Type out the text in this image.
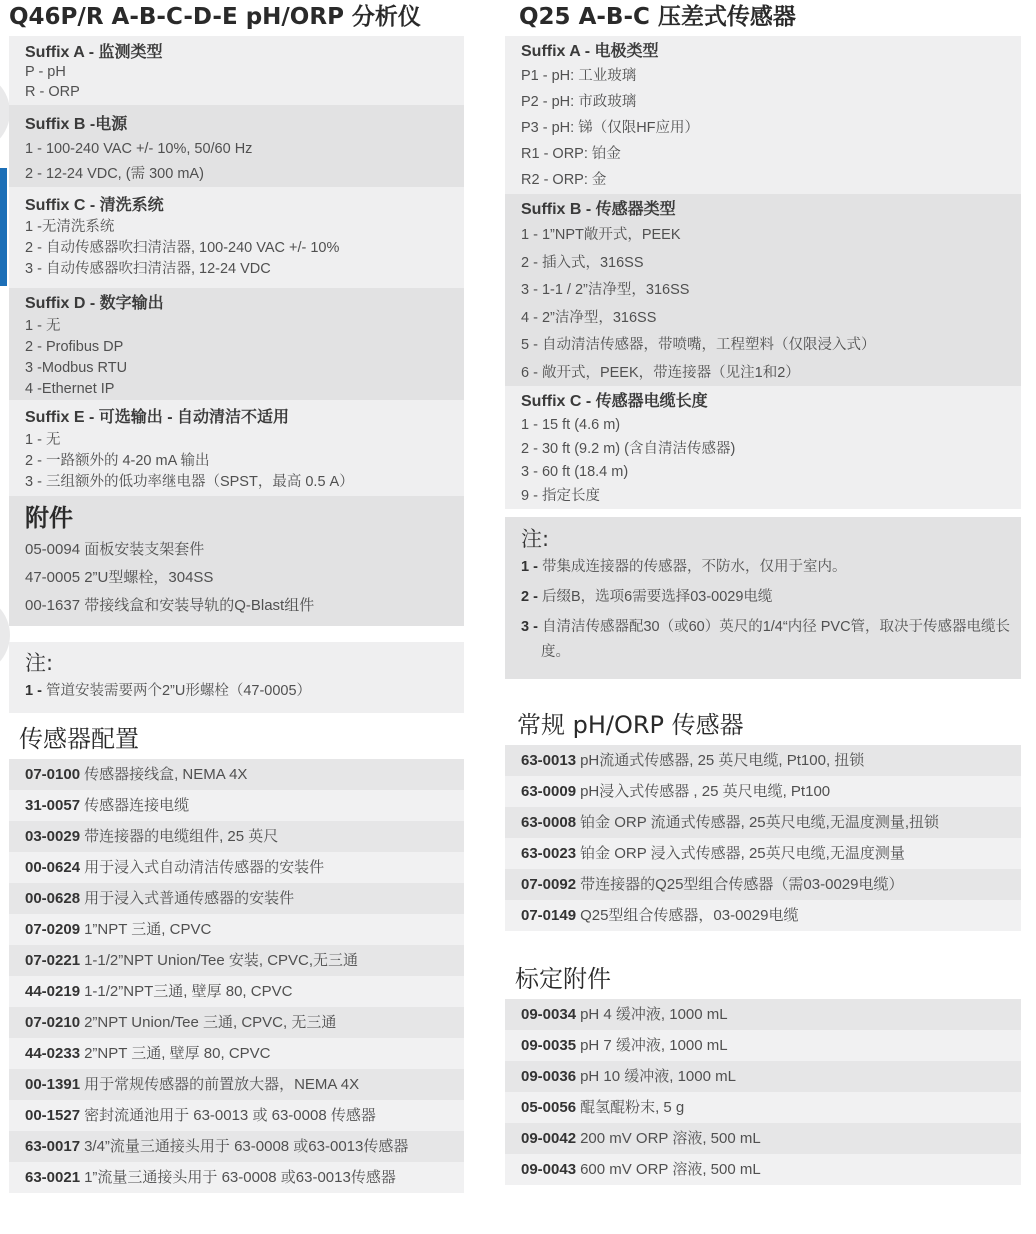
Q46P/R A-B-C-D-E pH/ORP 分析仪
Suffix A - 监测类型
P - pH
R - ORP
Suffix B -电源
1 - 100-240 VAC +/- 10%, 50/60 Hz
2 - 12-24 VDC, (需 300 mA)
Suffix C - 清洗系统
1 -无清洗系统
2 - 自动传感器吹扫清洁器, 100-240 VAC +/- 10%
3 - 自动传感器吹扫清洁器, 12-24 VDC
Suffix D - 数字输出
1 - 无
2 - Profibus DP
3 -Modbus RTU
4 -Ethernet IP
Suffix E - 可选输出 - 自动清洁不适用
1 - 无
2 - 一路额外的 4-20 mA 输出
3 - 三组额外的低功率继电器（SPST，最高 0.5 A）
附件
05-0094 面板安装支架套件
47-0005 2”U型螺栓，304SS
00-1637 带接线盒和安装导轨的Q-Blast组件
注:
1 - 管道安装需要两个2”U形螺栓（47-0005）
传感器配置
07-0100 传感器接线盒, NEMA 4X
31-0057 传感器连接电缆
03-0029 带连接器的电缆组件, 25 英尺
00-0624 用于浸入式自动清洁传感器的安装件
00-0628 用于浸入式普通传感器的安装件
07-0209 1”NPT 三通, CPVC
07-0221 1-1/2”NPT Union/Tee 安装, CPVC,无三通
44-0219 1-1/2”NPT三通, 壁厚 80, CPVC
07-0210 2”NPT Union/Tee 三通, CPVC, 无三通
44-0233 2”NPT 三通, 壁厚 80, CPVC
00-1391 用于常规传感器的前置放大器，NEMA 4X
00-1527 密封流通池用于 63-0013 或 63-0008 传感器
63-0017 3/4”流量三通接头用于 63-0008 或63-0013传感器
63-0021 1”流量三通接头用于 63-0008 或63-0013传感器
Q25 A-B-C 压差式传感器
Suffix A - 电极类型
P1 - pH: 工业玻璃
P2 - pH: 市政玻璃
P3 - pH: 锑（仅限HF应用）
R1 - ORP: 铂金
R2 - ORP: 金
Suffix B - 传感器类型
1 - 1”NPT敞开式，PEEK
2 - 插入式，316SS
3 - 1-1 / 2”洁净型，316SS
4 - 2”洁净型，316SS
5 - 自动清洁传感器，带喷嘴，工程塑料（仅限浸入式）
6 - 敞开式，PEEK，带连接器（见注1和2）
Suffix C - 传感器电缆长度
1 - 15 ft (4.6 m)
2 - 30 ft (9.2 m) (含自清洁传感器)
3 - 60 ft (18.4 m)
9 - 指定长度
注:
1 - 带集成连接器的传感器，不防水，仅用于室内。
2 - 后缀B，选项6需要选择03-0029电缆
3 - 自清洁传感器配30（或60）英尺的1/4“内径 PVC管，取决于传感器电缆长度。
常规 pH/ORP 传感器
63-0013 pH流通式传感器, 25 英尺电缆, Pt100, 扭锁
63-0009 pH浸入式传感器 , 25 英尺电缆, Pt100
63-0008 铂金 ORP 流通式传感器, 25英尺电缆,无温度测量,扭锁
63-0023 铂金 ORP 浸入式传感器, 25英尺电缆,无温度测量
07-0092 带连接器的Q25型组合传感器（需03-0029电缆）
07-0149 Q25型组合传感器，03-0029电缆
标定附件
09-0034 pH 4 缓冲液, 1000 mL
09-0035 pH 7 缓冲液, 1000 mL
09-0036 pH 10 缓冲液, 1000 mL
05-0056 醌氢醌粉末, 5 g
09-0042 200 mV ORP 溶液, 500 mL
09-0043 600 mV ORP 溶液, 500 mL
